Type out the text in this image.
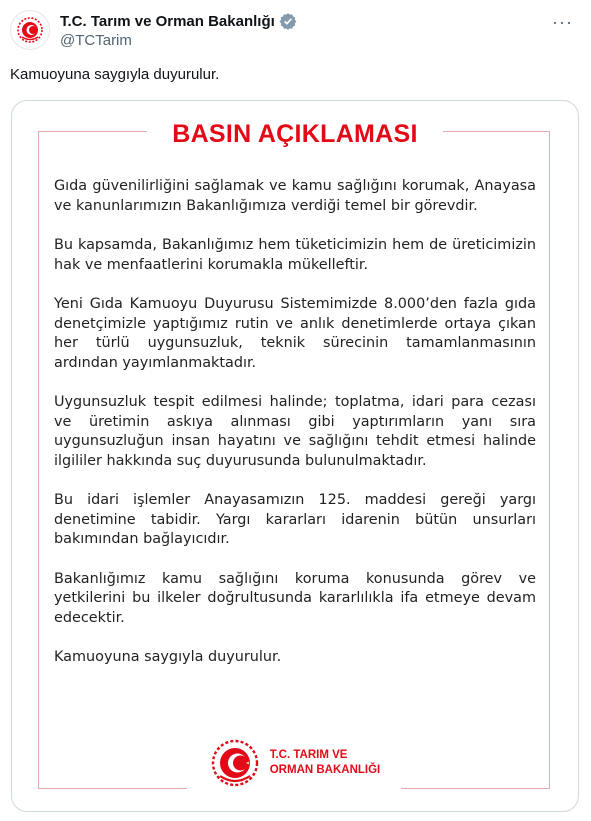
T.C. Tarım ve Orman Bakanlığı
@TCTarim
···
Kamuoyuna saygıyla duyurulur.
BASIN AÇIKLAMASI

Gıda güvenilirliğini sağlamak ve kamu sağlığını korumak, Anayasa ve kanunlarımızın Bakanlığımıza verdiği temel bir görevdir.

Bu kapsamda, Bakanlığımız hem tüketicimizin hem de üreticimizin hak ve menfaatlerini korumakla mükelleftir.

Yeni Gıda Kamuoyu Duyurusu Sistemimizde 8.000’den fazla gıda denetçimizle yaptığımız rutin ve anlık denetimlerde ortaya çıkan her türlü uygunsuzluk, teknik sürecinin tamamlanmasının ardından yayımlanmaktadır.

Uygunsuzluk tespit edilmesi halinde; toplatma, idari para cezası ve üretimin askıya alınması gibi yaptırımların yanı sıra uygunsuzluğun insan hayatını ve sağlığını tehdit etmesi halinde ilgililer hakkında suç duyurusunda bulunulmaktadır.

Bu idari işlemler Anayasamızın 125. maddesi gereği yargı denetimine tabidir. Yargı kararları idarenin bütün unsurları bakımından bağlayıcıdır.

Bakanlığımız kamu sağlığını koruma konusunda görev ve yetkilerini bu ilkeler doğrultusunda kararlılıkla ifa etmeye devam edecektir.

Kamuoyuna saygıyla duyurulur.

T.C. TARIM VE
ORMAN BAKANLIĞI
